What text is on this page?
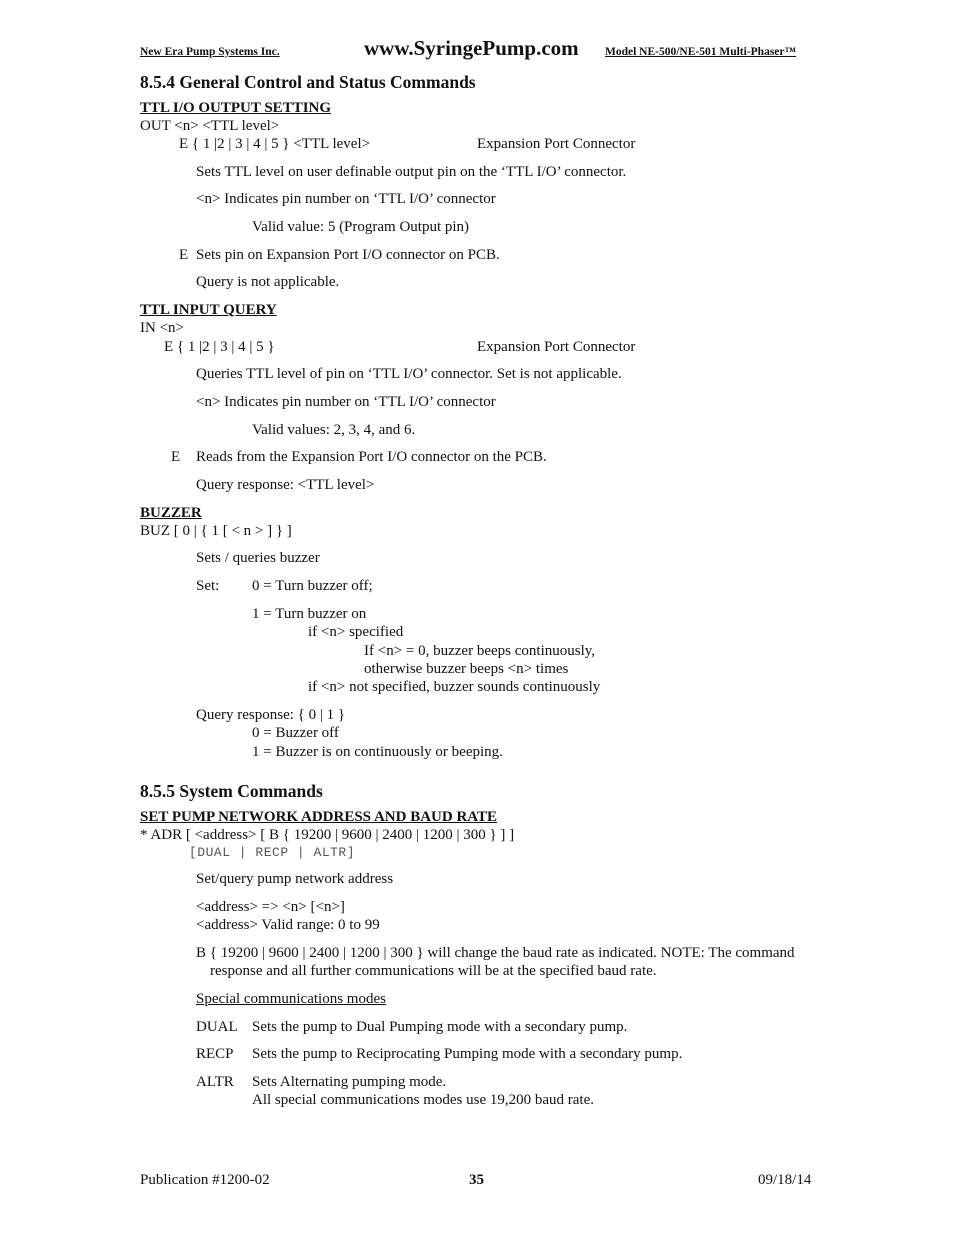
New Era Pump Systems Inc.	www.SyringePump.com Model NE-500/NE-501 Multi-Phaser™
8.5.4 General Control and Status Commands
TTL I/O OUTPUT SETTING
OUT <n> <TTL level>
E { 1 |2 | 3 | 4 | 5 } <TTL level>	Expansion Port Connector
Sets TTL level on user definable output pin on the ‘TTL I/O’ connector.
<n> Indicates pin number on ‘TTL I/O’ connector
Valid value: 5 (Program Output pin)
E Sets pin on Expansion Port I/O connector on PCB.
Query is not applicable.
TTL INPUT QUERY
IN <n>
E { 1 |2 | 3 | 4 | 5 }	Expansion Port Connector
Queries TTL level of pin on ‘TTL I/O’ connector. Set is not applicable.
<n> Indicates pin number on ‘TTL I/O’ connector
Valid values: 2, 3, 4, and 6.
E Reads from the Expansion Port I/O connector on the PCB.
Query response: <TTL level>
BUZZER
BUZ [ 0 | { 1 [ < n > ] } ]
Sets / queries buzzer
Set: 0 = Turn buzzer off;
1 = Turn buzzer on
if <n> specified
If <n> = 0, buzzer beeps continuously,
otherwise buzzer beeps <n> times
if <n> not specified, buzzer sounds continuously
Query response: { 0 | 1 }
0 = Buzzer off
1 = Buzzer is on continuously or beeping.
8.5.5 System Commands
SET PUMP NETWORK ADDRESS AND BAUD RATE
* ADR [ <address> [ B { 19200 | 9600 | 2400 | 1200 | 300 } ] ]
[DUAL | RECP | ALTR]
Set/query pump network address
<address> => <n> [<n>]
<address> Valid range: 0 to 99
B { 19200 | 9600 | 2400 | 1200 | 300 } will change the baud rate as indicated. NOTE: The command
response and all further communications will be at the specified baud rate.
Special communications modes
DUAL Sets the pump to Dual Pumping mode with a secondary pump.
RECP Sets the pump to Reciprocating Pumping mode with a secondary pump.
ALTR Sets Alternating pumping mode.
All special communications modes use 19,200 baud rate.
Publication #1200-02	35	09/18/14
